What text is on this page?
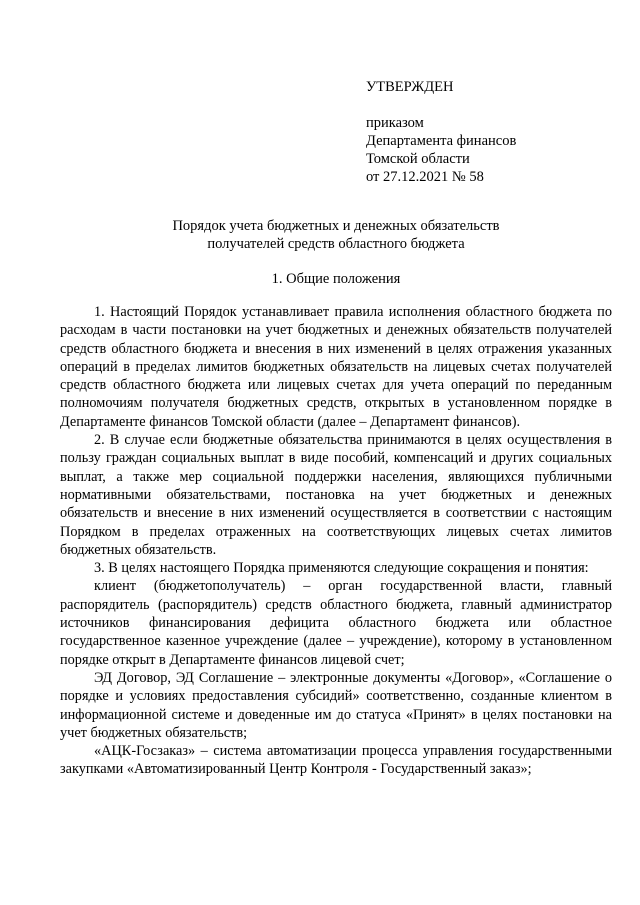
УТВЕРЖДЕН
приказом
Департамента финансов
Томской области
от 27.12.2021 № 58
Порядок учета бюджетных и денежных обязательств
получателей средств областного бюджета
1. Общие положения

1. Настоящий Порядок устанавливает правила исполнения областного бюджета по расходам в части постановки на учет бюджетных и денежных обязательств получателей средств областного бюджета и внесения в них изменений в целях отражения указанных операций в пределах лимитов бюджетных обязательств на лицевых счетах получателей средств областного бюджета или лицевых счетах для учета операций по переданным полномочиям получателя бюджетных средств, открытых в установленном порядке в Департаменте финансов Томской области (далее – Департамент финансов).

2. В случае если бюджетные обязательства принимаются в целях осуществления в пользу граждан социальных выплат в виде пособий, компенсаций и других социальных выплат, а также мер социальной поддержки населения, являющихся публичными нормативными обязательствами, постановка на учет бюджетных и денежных обязательств и внесение в них изменений осуществляется в соответствии с настоящим Порядком в пределах отраженных на соответствующих лицевых счетах лимитов бюджетных обязательств.

3. В целях настоящего Порядка применяются следующие сокращения и понятия:

клиент (бюджетополучатель) – орган государственной власти, главный распорядитель (распорядитель) средств областного бюджета, главный администратор источников финансирования дефицита областного бюджета или областное государственное казенное учреждение (далее – учреждение), которому в установленном порядке открыт в Департаменте финансов лицевой счет;

ЭД Договор, ЭД Соглашение – электронные документы «Договор», «Соглашение о порядке и условиях предоставления субсидий» соответственно, созданные клиентом в информационной системе и доведенные им до статуса «Принят» в целях постановки на учет бюджетных обязательств;

«АЦК-Госзаказ» – система автоматизации процесса управления государственными закупками «Автоматизированный Центр Контроля - Государственный заказ»;
